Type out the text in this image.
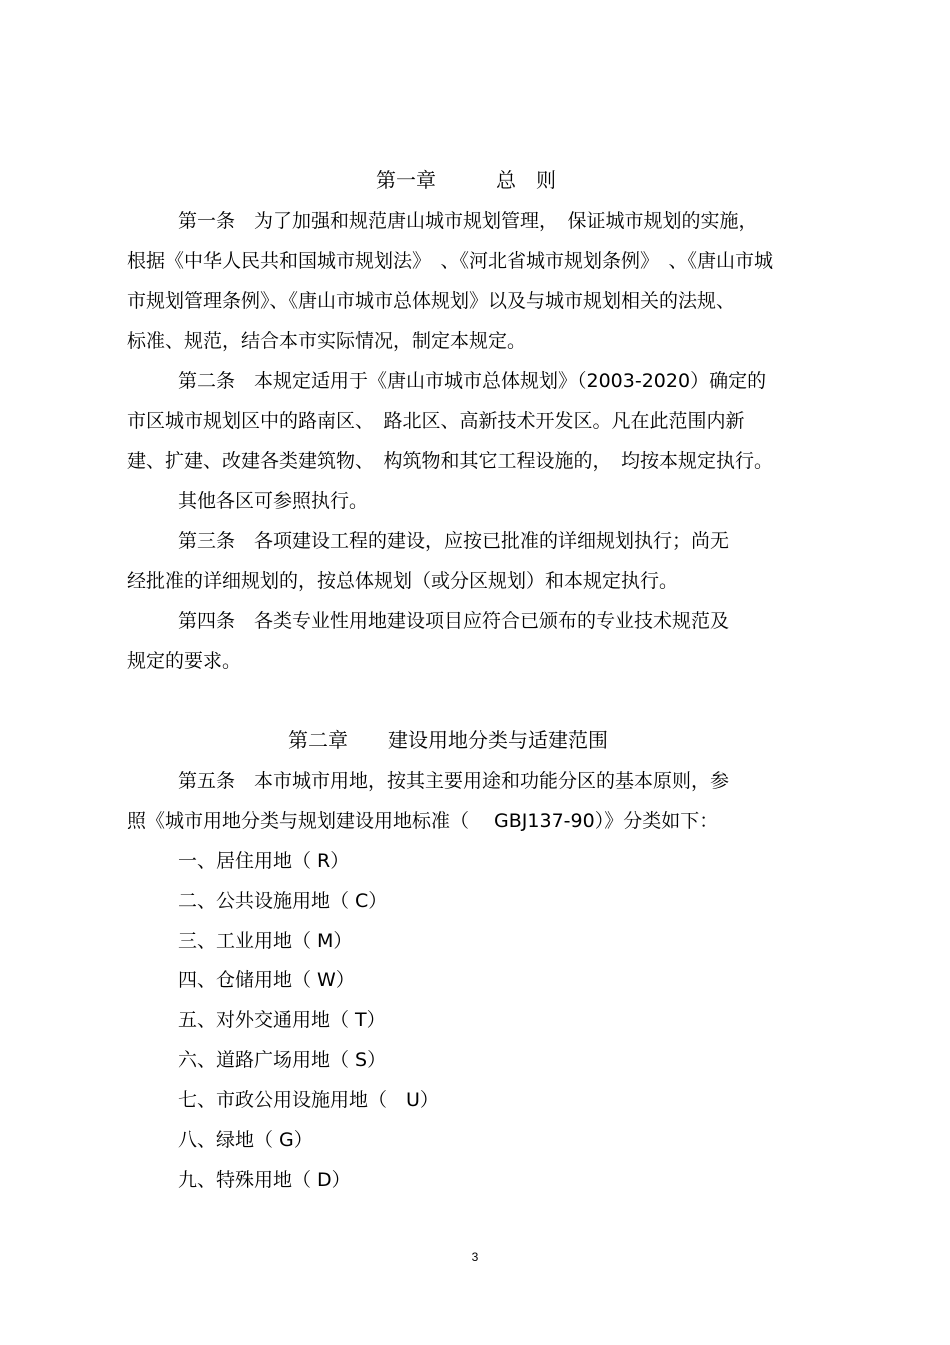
第一章　　　总　则
第一条　为了加强和规范唐山城市规划管理，　保证城市规划的实施，
根据《中华人民共和国城市规划法》　、《河北省城市规划条例》　、《唐山市城
市规划管理条例》、《唐山市城市总体规划》以及与城市规划相关的法规、
标准、规范，结合本市实际情况，制定本规定。
第二条　本规定适用于《唐山市城市总体规划》（2003-2020）确定的
市区城市规划区中的路南区、　路北区、高新技术开发区。凡在此范围内新
建、扩建、改建各类建筑物、　构筑物和其它工程设施的，　均按本规定执行。
其他各区可参照执行。
第三条　各项建设工程的建设，应按已批准的详细规划执行；尚无
经批准的详细规划的，按总体规划（或分区规划）和本规定执行。
第四条　各类专业性用地建设项目应符合已颁布的专业技术规范及
规定的要求。
第二章　　建设用地分类与适建范围
第五条　本市城市用地，按其主要用途和功能分区的基本原则，参
照《城市用地分类与规划建设用地标准（　 GBJ137-90）》分类如下：
一、居住用地（ R）
二、公共设施用地（ C）
三、工业用地（ M）
四、仓储用地（ W）
五、对外交通用地（ T）
六、道路广场用地（ S）
七、市政公用设施用地（　U）
八、绿地（ G）
九、特殊用地（ D）
3
